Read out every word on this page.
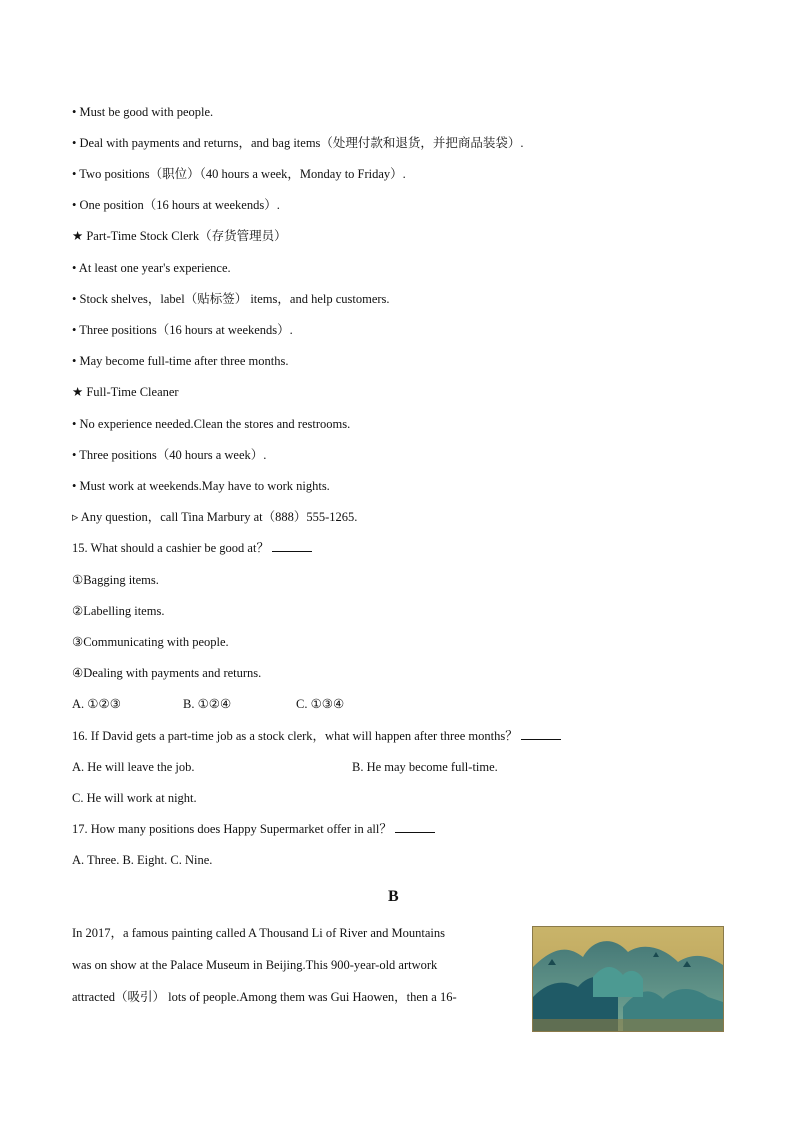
• Must be good with people.
• Deal with payments and returns，and bag items（处理付款和退货，并把商品装袋）.
• Two positions（职位）（40 hours a week，Monday to Friday）.
• One position（16 hours at weekends）.
★ Part-Time Stock Clerk（存货管理员）
• At least one year's experience.
• Stock shelves，label（贴标签） items，and help customers.
• Three positions（16 hours at weekends）.
• May become full-time after three months.
★ Full-Time Cleaner
• No experience needed.Clean the stores and restrooms.
• Three positions（40 hours a week）.
• Must work at weekends.May have to work nights.
▹ Any question，call Tina Marbury at（888）555-1265.
15. What should a cashier be good at？
①Bagging items.
②Labelling items.
③Communicating with people.
④Dealing with payments and returns.
A. ①②③	B. ①②④	C. ①③④
16. If David gets a part-time job as a stock clerk，what will happen after three months？
A. He will leave the job.	B. He may become full-time.
C. He will work at night.
17. How many positions does Happy Supermarket offer in all？
A. Three. B. Eight. C. Nine.
B
In 2017，a famous painting called A Thousand Li of River and Mountains
was on show at the Palace Museum in Beijing.This 900-year-old artwork
attracted（吸引） lots of people.Among them was Gui Haowen，then a 16-
